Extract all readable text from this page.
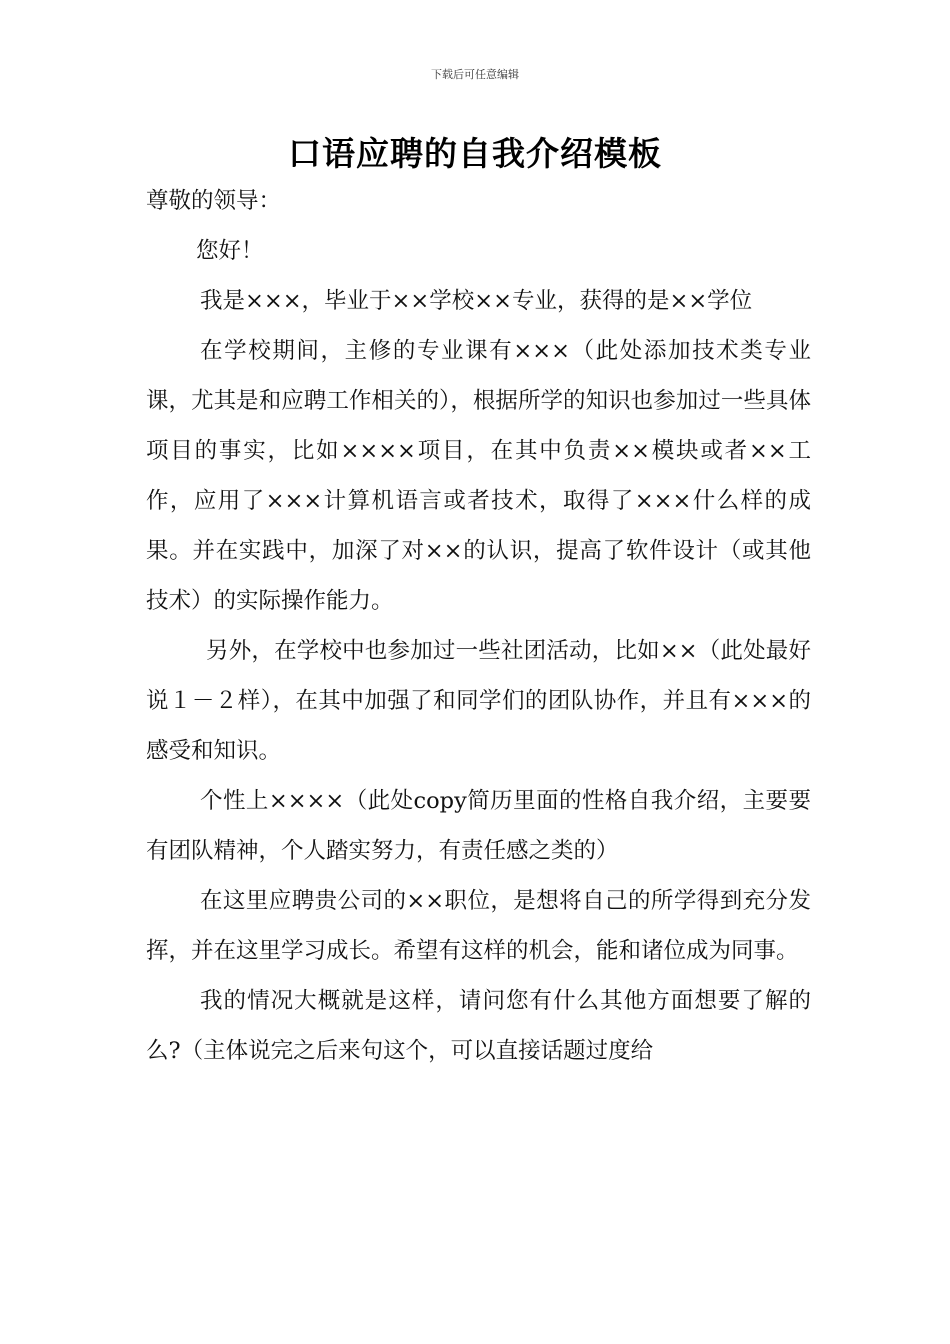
下载后可任意编辑
口语应聘的自我介绍模板

尊敬的领导：

您好！

我是×××，毕业于××学校××专业，获得的是××学位

在学校期间，主修的专业课有×××（此处添加技术类专业课，尤其是和应聘工作相关的），根据所学的知识也参加过一些具体项目的事实，比如××××项目，在其中负责××模块或者××工作，应用了×××计算机语言或者技术，取得了×××什么样的成果。并在实践中，加深了对××的认识，提高了软件设计（或其他技术）的实际操作能力。

另外，在学校中也参加过一些社团活动，比如××（此处最好说１－２样），在其中加强了和同学们的团队协作，并且有×××的感受和知识。

个性上××××（此处copy简历里面的性格自我介绍，主要要有团队精神，个人踏实努力，有责任感之类的）

在这里应聘贵公司的××职位，是想将自己的所学得到充分发挥，并在这里学习成长。希望有这样的机会，能和诸位成为同事。

我的情况大概就是这样，请问您有什么其他方面想要了解的么?（主体说完之后来句这个，可以直接话题过度给
